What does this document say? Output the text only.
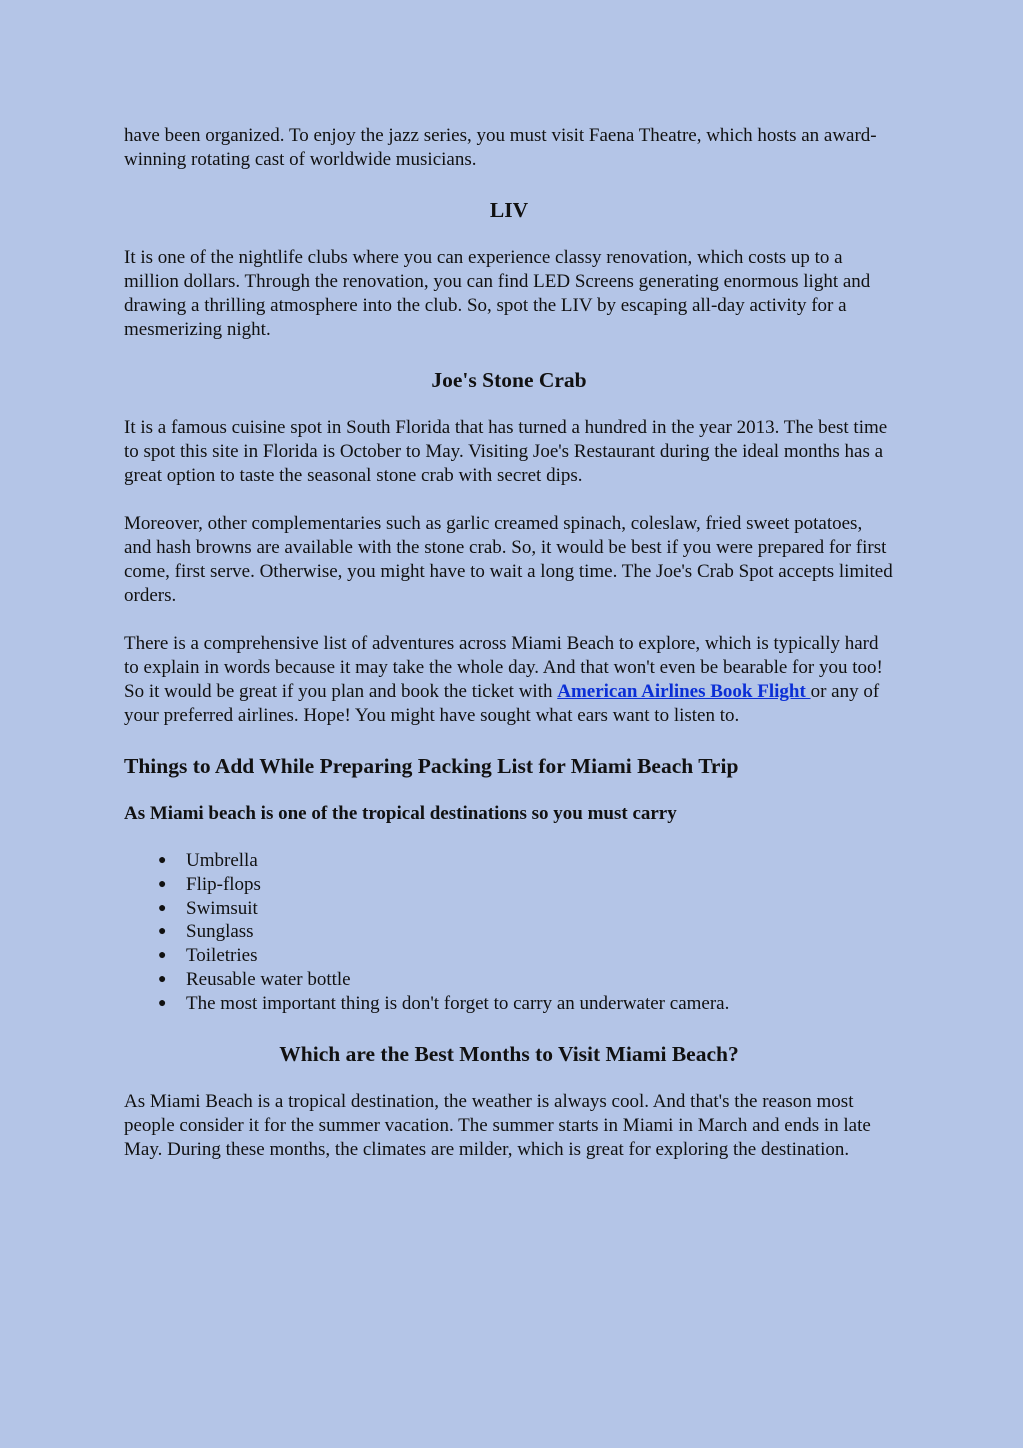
have been organized. To enjoy the jazz series, you must visit Faena Theatre, which hosts an award-winning rotating cast of worldwide musicians.

LIV

It is one of the nightlife clubs where you can experience classy renovation, which costs up to a million dollars. Through the renovation, you can find LED Screens generating enormous light and drawing a thrilling atmosphere into the club. So, spot the LIV by escaping all-day activity for a mesmerizing night.

Joe's Stone Crab

It is a famous cuisine spot in South Florida that has turned a hundred in the year 2013. The best time to spot this site in Florida is October to May. Visiting Joe's Restaurant during the ideal months has a great option to taste the seasonal stone crab with secret dips.

Moreover, other complementaries such as garlic creamed spinach, coleslaw, fried sweet potatoes, and hash browns are available with the stone crab. So, it would be best if you were prepared for first come, first serve. Otherwise, you might have to wait a long time. The Joe's Crab Spot accepts limited orders.

There is a comprehensive list of adventures across Miami Beach to explore, which is typically hard to explain in words because it may take the whole day. And that won't even be bearable for you too! So it would be great if you plan and book the ticket with American Airlines Book Flight or any of your preferred airlines. Hope! You might have sought what ears want to listen to.

Things to Add While Preparing Packing List for Miami Beach Trip

As Miami beach is one of the tropical destinations so you must carry

● Umbrella
● Flip-flops
● Swimsuit
● Sunglass
● Toiletries
● Reusable water bottle
● The most important thing is don't forget to carry an underwater camera.
Which are the Best Months to Visit Miami Beach?

As Miami Beach is a tropical destination, the weather is always cool. And that's the reason most people consider it for the summer vacation. The summer starts in Miami in March and ends in late May. During these months, the climates are milder, which is great for exploring the destination.
